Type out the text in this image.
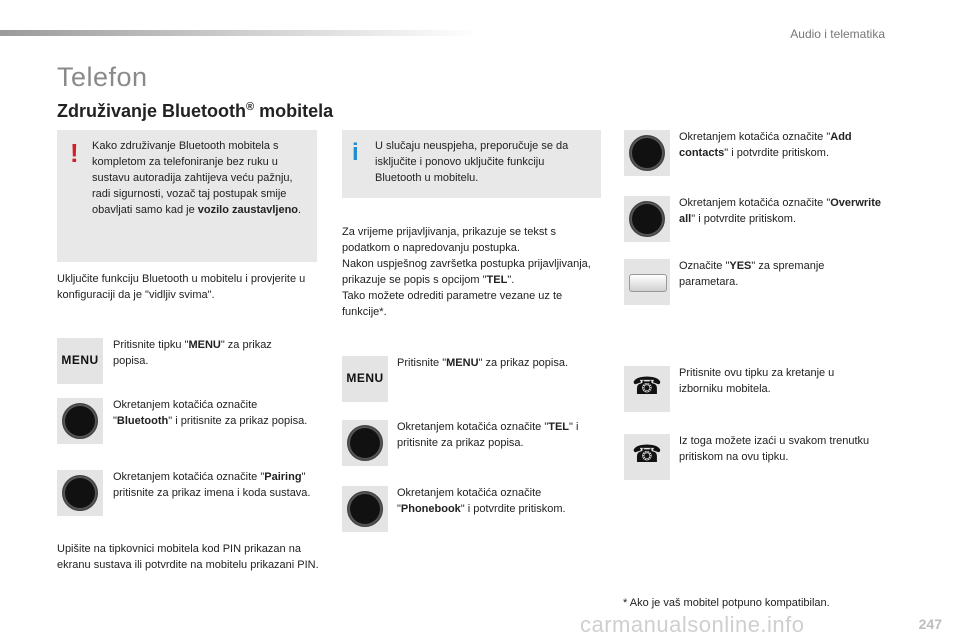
Audio i telematika
Telefon
Združivanje Bluetooth® mobitela
! Kako združivanje Bluetooth mobitela s kompletom za telefoniranje bez ruku u sustavu autoradija zahtijeva veću pažnju, radi sigurnosti, vozač taj postupak smije obavljati samo kad je vozilo zaustavljeno.
i U slučaju neuspjeha, preporučuje se da isključite i ponovo uključite funkciju Bluetooth u mobitelu.
Uključite funkciju Bluetooth u mobitelu i provjerite u konfiguraciji da je "vidljiv svima".
MENU
Pritisnite tipku "MENU" za prikaz popisa.
Okretanjem kotačića označite "Bluetooth" i pritisnite za prikaz popisa.
Okretanjem kotačića označite "Pairing" pritisnite za prikaz imena i koda sustava.
Upišite na tipkovnici mobitela kod PIN prikazan na ekranu sustava ili potvrdite na mobitelu prikazani PIN.
Za vrijeme prijavljivanja, prikazuje se tekst s podatkom o napredovanju postupka.
Nakon uspješnog završetka postupka prijavljivanja, prikazuje se popis s opcijom "TEL".
Tako možete odrediti parametre vezane uz te funkcije*.
MENU
Pritisnite "MENU" za prikaz popisa.
Okretanjem kotačića označite "TEL" i pritisnite za prikaz popisa.
Okretanjem kotačića označite "Phonebook" i potvrdite pritiskom.
Okretanjem kotačića označite "Add contacts" i potvrdite pritiskom.
Okretanjem kotačića označite "Overwrite all" i potvrdite pritiskom.
Označite "YES" za spremanje parametara.
☎	Pritisnite ovu tipku za kretanje u izborniku mobitela.
☎	Iz toga možete izaći u svakom trenutku pritiskom na ovu tipku.
* Ako je vaš mobitel potpuno kompatibilan.
carmanualsonline.info	247
